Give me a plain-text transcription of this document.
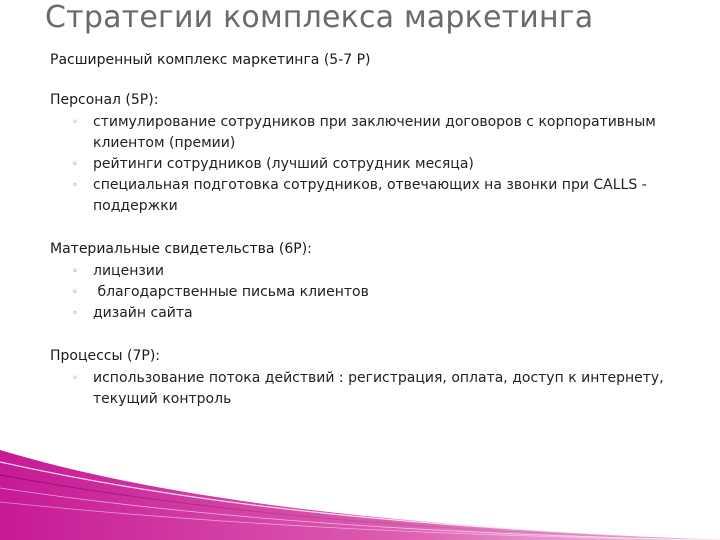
Стратегии комплекса маркетинга
Расширенный комплекс маркетинга (5-7 Р)
Персонал (5Р):
◦ стимулирование сотрудников при заключении договоров с корпоративным клиентом (премии)
◦ рейтинги сотрудников (лучший сотрудник месяца)
◦ специальная подготовка сотрудников, отвечающих на звонки при CALLS - поддержки
Материальные свидетельства (6Р):
◦ лицензии
◦ благодарственные письма клиентов
◦ дизайн сайта
Процессы (7Р):
◦ использование потока действий : регистрация, оплата, доступ к интернету, текущий контроль
